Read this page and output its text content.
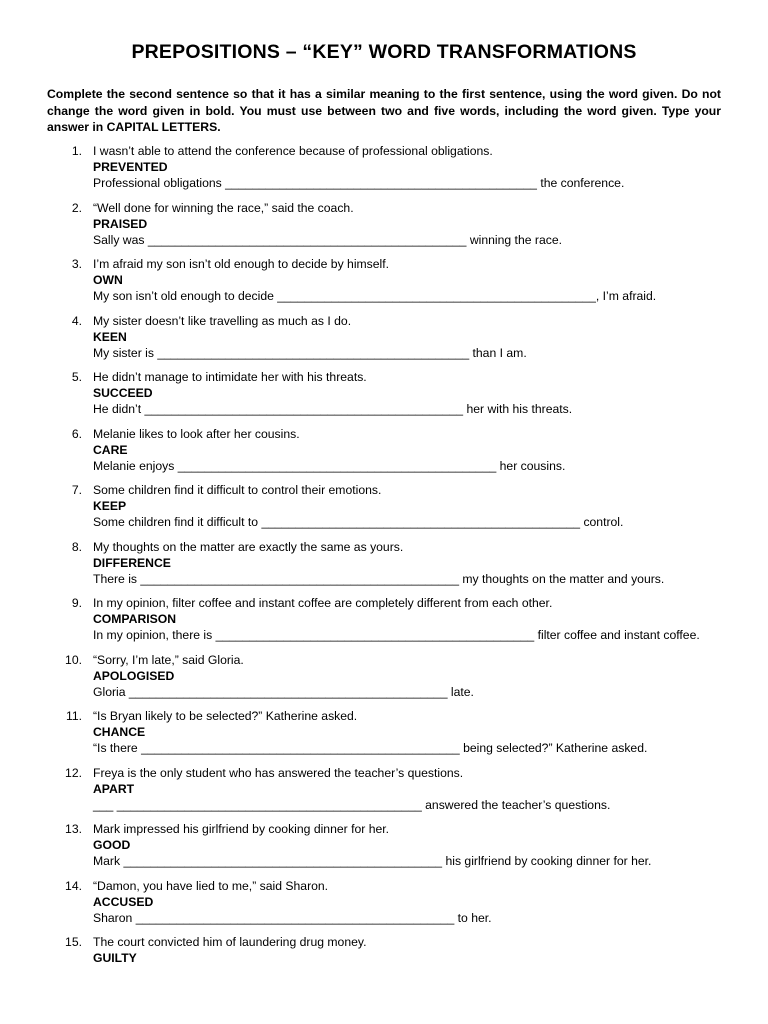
PREPOSITIONS – “KEY” WORD TRANSFORMATIONS

Complete the second sentence so that it has a similar meaning to the first sentence, using the word given. Do not change the word given in bold. You must use between two and five words, including the word given. Type your answer in CAPITAL LETTERS.

1. I wasn’t able to attend the conference because of professional obligations.
PREVENTED
Professional obligations ______________________________________________ the conference.
2. “Well done for winning the race,” said the coach.
PRAISED
Sally was _______________________________________________ winning the race.
3. I’m afraid my son isn’t old enough to decide by himself.
OWN
My son isn’t old enough to decide _______________________________________________, I’m afraid.
4. My sister doesn’t like travelling as much as I do.
KEEN
My sister is ______________________________________________ than I am.
5. He didn’t manage to intimidate her with his threats.
SUCCEED
He didn’t _______________________________________________ her with his threats.
6. Melanie likes to look after her cousins.
CARE
Melanie enjoys _______________________________________________ her cousins.
7. Some children find it difficult to control their emotions.
KEEP
Some children find it difficult to _______________________________________________ control.
8. My thoughts on the matter are exactly the same as yours.
DIFFERENCE
There is _______________________________________________ my thoughts on the matter and yours.
9. In my opinion, filter coffee and instant coffee are completely different from each other.
COMPARISON
In my opinion, there is _______________________________________________ filter coffee and instant coffee.
10. “Sorry, I’m late,” said Gloria.
APOLOGISED
Gloria _______________________________________________ late.
11. “Is Bryan likely to be selected?” Katherine asked.
CHANCE
“Is there _______________________________________________ being selected?” Katherine asked.
12. Freya is the only student who has answered the teacher’s questions.
APART
___ _____________________________________________ answered the teacher’s questions.
13. Mark impressed his girlfriend by cooking dinner for her.
GOOD
Mark _______________________________________________ his girlfriend by cooking dinner for her.
14. “Damon, you have lied to me,” said Sharon.
ACCUSED
Sharon _______________________________________________ to her.
15. The court convicted him of laundering drug money.
GUILTY
